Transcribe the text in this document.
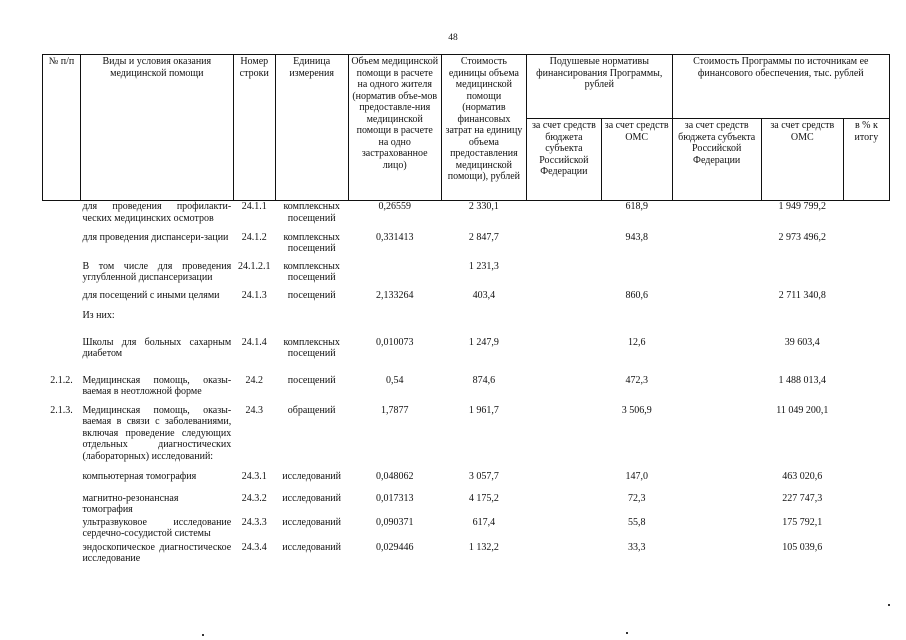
48
№ п/п	Виды и условия оказания медицинской помощи	Номер строки	Единица измерения	Объем медицинской помощи в расчете на одного жителя (норматив объе-мов предоставле-ния медицинской помощи в расчете на одно застрахованное лицо)	Стоимость единицы объема медицинской помощи (норматив финансовых затрат на единицу объема предоставления медицинской помощи), рублей	Подушевые нормативы финансирования Программы, рублей		Стоимость Программы по источникам ее финансового обеспечения, тыс. рублей		
						за счет средств бюджета субъекта Российской Федерации	за счет средств ОМС	за счет средств бюджета субъекта Российской Федерации	за счет средств ОМС	в % к итогу
	для проведения профилакти-ческих медицинских осмотров	24.1.1	комплексных посещений	0,26559	2 330,1		618,9		1 949 799,2	
	для проведения диспансери-зации	24.1.2	комплексных посещений	0,331413	2 847,7		943,8		2 973 496,2	
	В том числе для проведения углубленной диспансеризации	24.1.2.1	комплексных посещений		1 231,3					
	для посещений с иными целями	24.1.3	посещений	2,133264	403,4		860,6		2 711 340,8	
	Из них:									
	Школы для больных сахарным диабетом	24.1.4	комплексных посещений	0,010073	1 247,9		12,6		39 603,4	
2.1.2.	Медицинская помощь, оказы-ваемая в неотложной форме	24.2	посещений	0,54	874,6		472,3		1 488 013,4	
2.1.3.	Медицинская помощь, оказы-ваемая в связи с заболеваниями, включая проведение следующих отдельных диагностических (лабораторных) исследований:	24.3	обращений	1,7877	1 961,7		3 506,9		11 049 200,1	
	компьютерная томография	24.3.1	исследований	0,048062	3 057,7		147,0		463 020,6	
	магнитно-резонансная томография	24.3.2	исследований	0,017313	4 175,2		72,3		227 747,3	
	ультразвуковое исследование сердечно-сосудистой системы	24.3.3	исследований	0,090371	617,4		55,8		175 792,1	
	эндоскопическое диагностическое исследование	24.3.4	исследований	0,029446	1 132,2		33,3		105 039,6	
